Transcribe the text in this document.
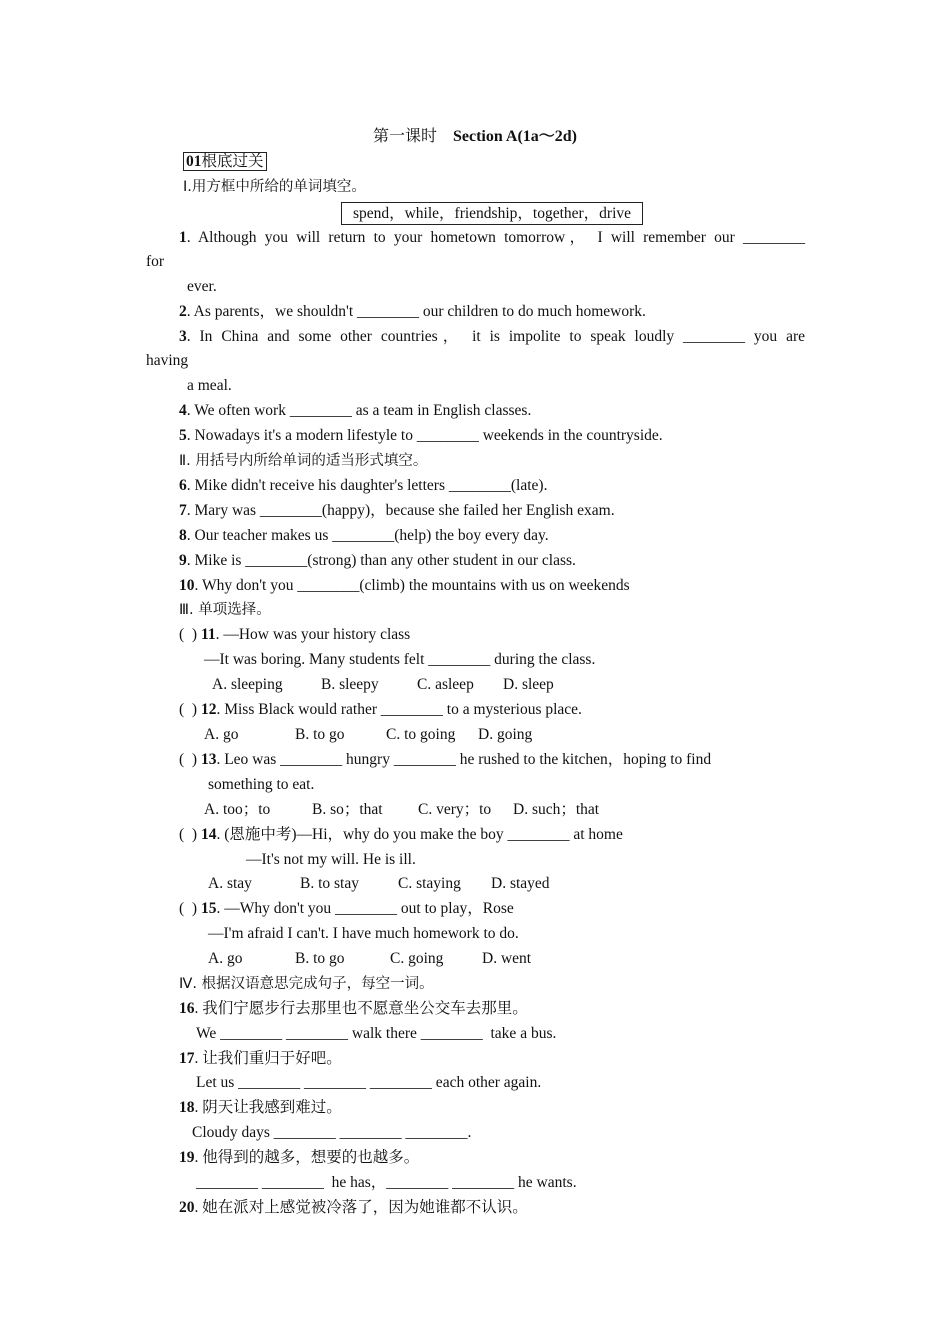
第一课时 Section A(1a～2d)
01根底过关
Ⅰ.用方框中所给的单词填空。
spend，while，friendship，together，drive
1. Although you will return to your hometown tomorrow， I will remember our ________
for
ever.
2. As parents，we shouldn't ________ our children to do much homework.
3. In China and some other countries， it is impolite to speak loudly ________ you are
having
a meal.
4. We often work ________ as a team in English classes.
5. Nowadays it's a modern lifestyle to ________ weekends in the countryside.
Ⅱ. 用括号内所给单词的适当形式填空。
6. Mike didn't receive his daughter's letters ________(late).
7. Mary was ________(happy)，because she failed her English exam.
8. Our teacher makes us ________(help) the boy every day.
9. Mike is ________(strong) than any other student in our class.
10. Why don't you ________(climb) the mountains with us on weekends
Ⅲ. 单项选择。
(  ) 11. —How was your history class
—It was boring. Many students felt ________ during the class.
A. sleeping B. sleepy C. asleep D. sleep
(  ) 12. Miss Black would rather ________ to a mysterious place.
A. go	B. to go	C. to going D. going
(  ) 13. Leo was ________ hungry ________ he rushed to the kitchen，hoping to find
something to eat.
A. too；to	B. so；that C. very；to D. such；that
(  ) 14. (恩施中考)—Hi，why do you make the boy ________ at home
—It's not my will. He is ill.
A. stay	B. to stay	C. staying D. stayed
(  ) 15. —Why don't you ________ out to play，Rose
—I'm afraid I can't. I have much homework to do.
A. go	B. to go	C. going D. went
Ⅳ. 根据汉语意思完成句子，每空一词。
16. 我们宁愿步行去那里也不愿意坐公交车去那里。
We ________ ________ walk there ________  take a bus.
17. 让我们重归于好吧。
Let us ________ ________ ________ each other again.
18. 阴天让我感到难过。
Cloudy days ________ ________ ________.
19. 他得到的越多，想要的也越多。
________ ________  he has，________ ________ he wants.
20. 她在派对上感觉被冷落了，因为她谁都不认识。
